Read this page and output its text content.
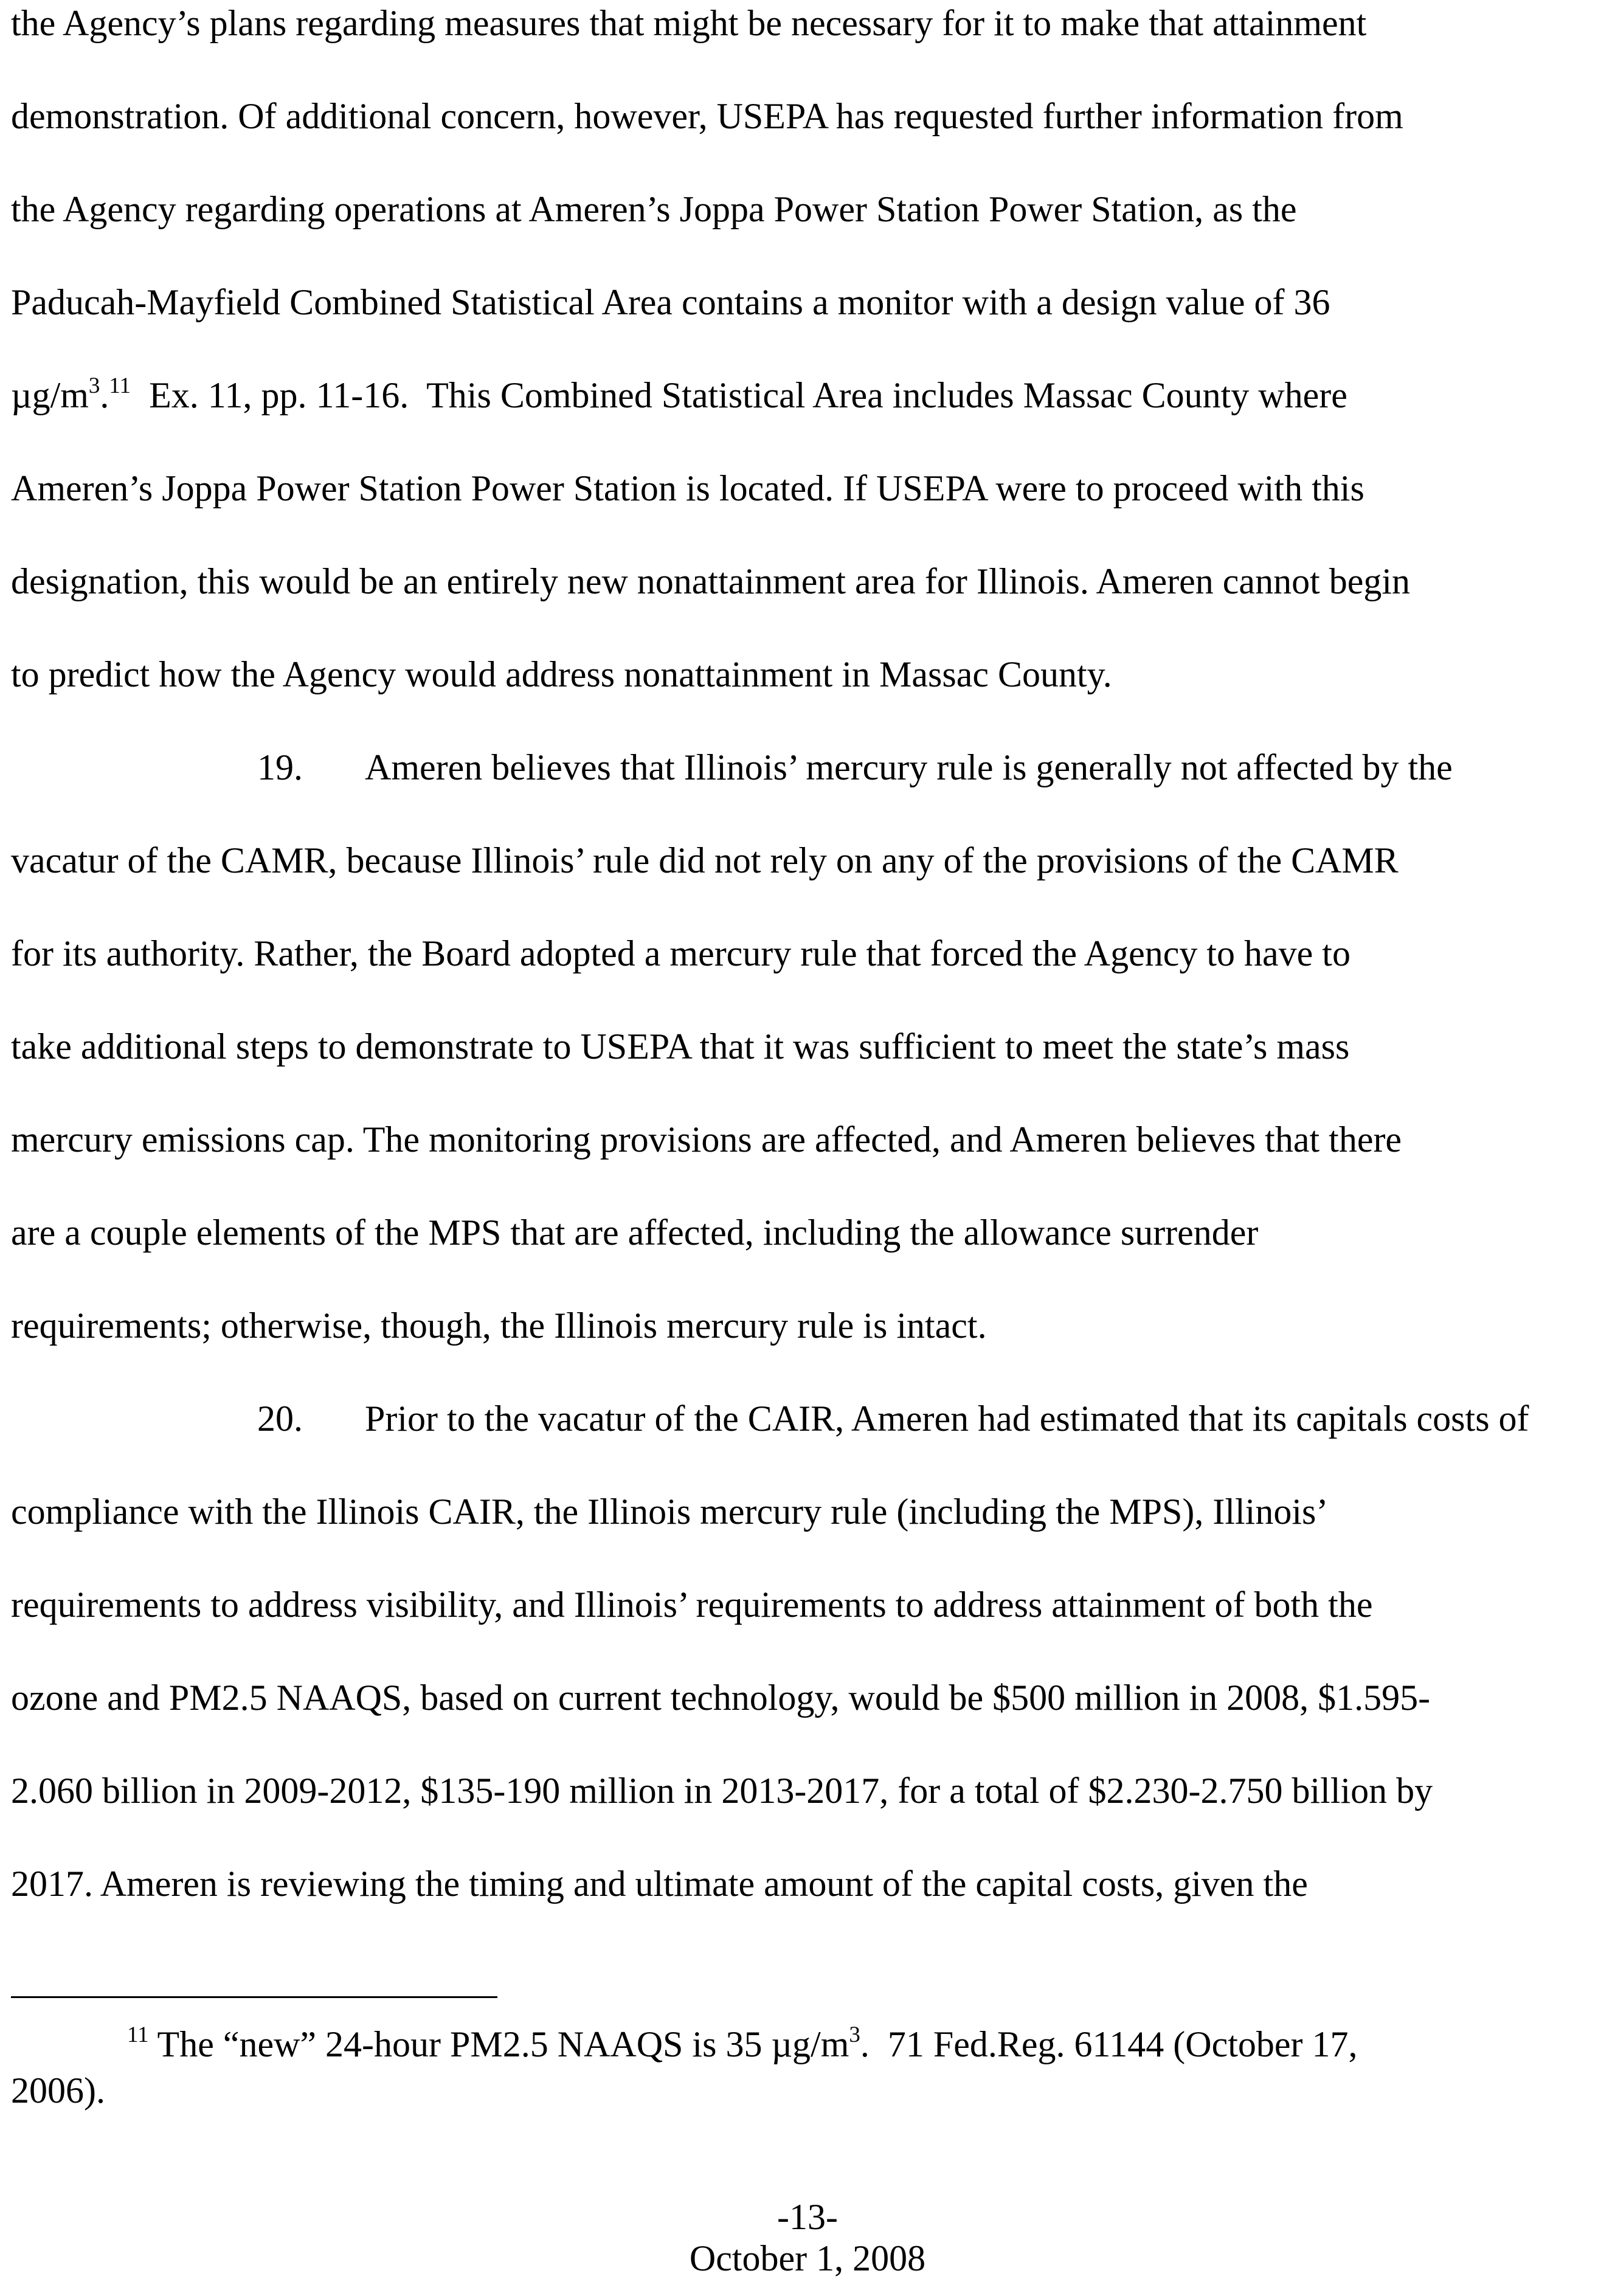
the Agency’s plans regarding measures that might be necessary for it to make that attainment
demonstration. Of additional concern, however, USEPA has requested further information from
the Agency regarding operations at Ameren’s Joppa Power Station Power Station, as the
Paducah-Mayfield Combined Statistical Area contains a monitor with a design value of 36
$\mu g/m^3.^{11}$  Ex. 11, pp. 11-16.  This Combined Statistical Area includes Massac County where
Ameren’s Joppa Power Station Power Station is located. If USEPA were to proceed with this
designation, this would be an entirely new nonattainment area for Illinois. Ameren cannot begin
to predict how the Agency would address nonattainment in Massac County.
19. Ameren believes that Illinois’ mercury rule is generally not affected by the
vacatur of the CAMR, because Illinois’ rule did not rely on any of the provisions of the CAMR
for its authority. Rather, the Board adopted a mercury rule that forced the Agency to have to
take additional steps to demonstrate to USEPA that it was sufficient to meet the state’s mass
mercury emissions cap. The monitoring provisions are affected, and Ameren believes that there
are a couple elements of the MPS that are affected, including the allowance surrender
requirements; otherwise, though, the Illinois mercury rule is intact.
20. Prior to the vacatur of the CAIR, Ameren had estimated that its capitals costs of
compliance with the Illinois CAIR, the Illinois mercury rule (including the MPS), Illinois’
requirements to address visibility, and Illinois’ requirements to address attainment of both the
ozone and PM2.5 NAAQS, based on current technology, would be $500 million in 2008, $1.595-
2.060 billion in 2009-2012, $135-190 million in 2013-2017, for a total of $2.230-2.750 billion by
2017. Ameren is reviewing the timing and ultimate amount of the capital costs, given the
$^{11}$ The “new” 24-hour PM2.5 NAAQS is 35 $\mu g/m^3$.  71 Fed.Reg. 61144 (October 17,
2006).
-13-
October 1, 2008
